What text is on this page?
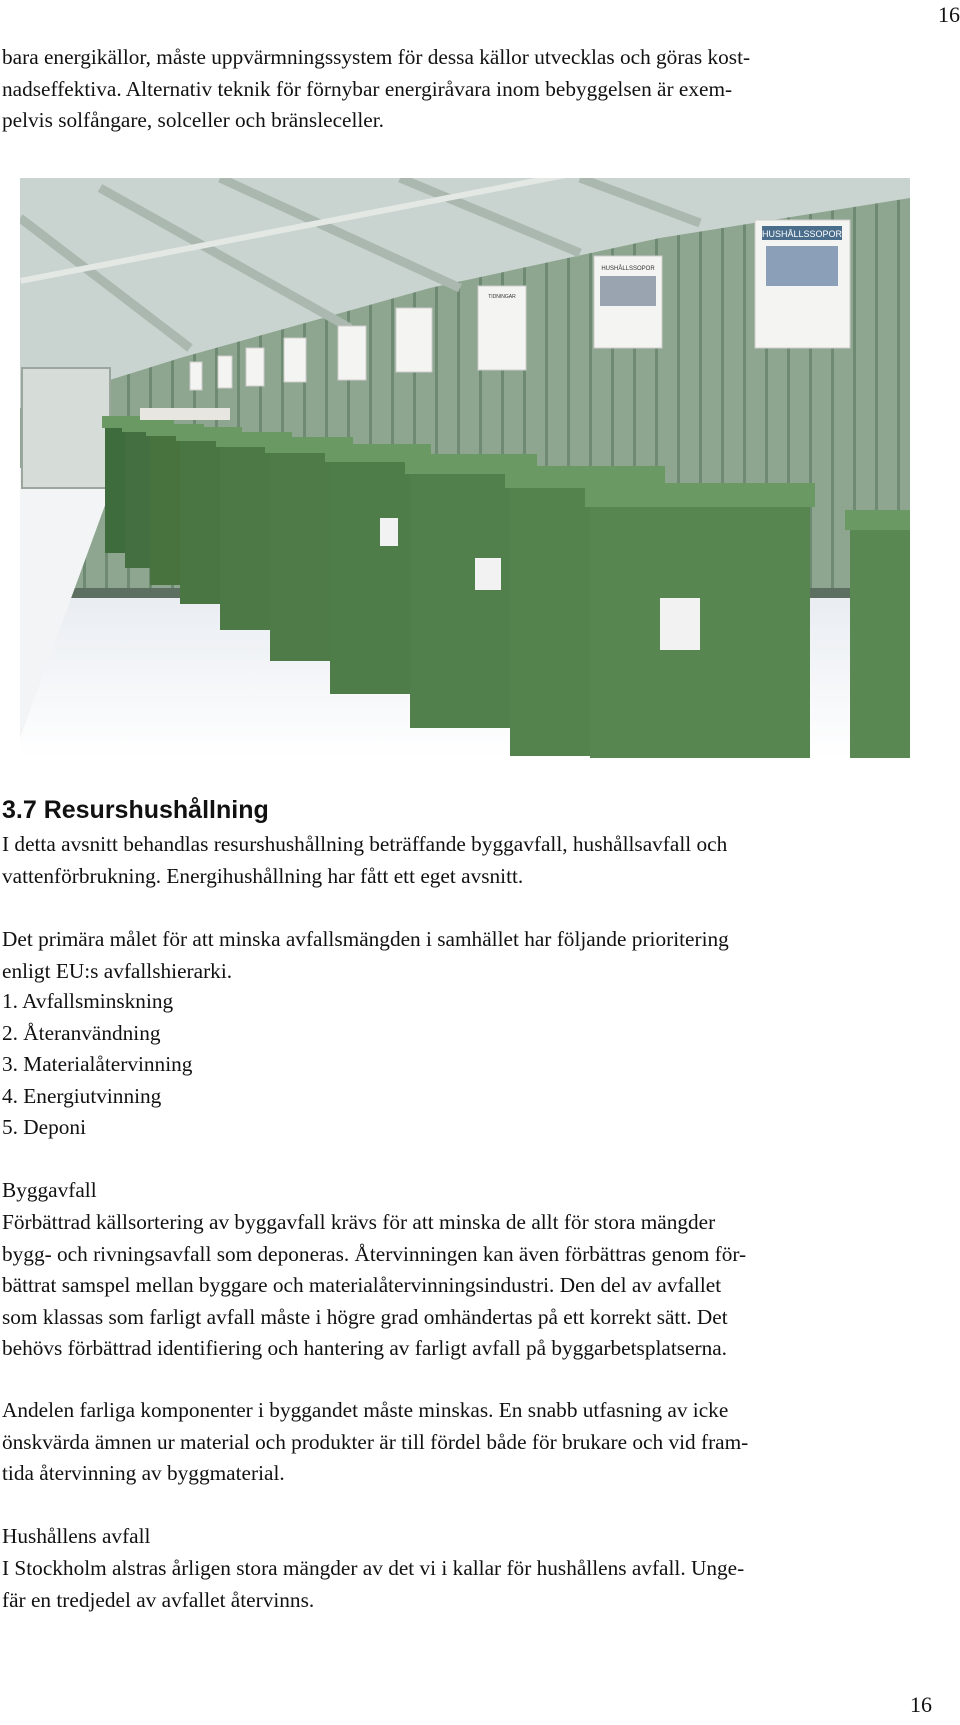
16

bara energikällor, måste uppvärmningssystem för dessa källor utvecklas och göras kost-

nadseffektiva. Alternativ teknik för förnybar energiråvara inom bebyggelsen är exem-

pelvis solfångare, solceller och bränsleceller.

HUSHÅLLSSOPOR
HUSHÅLLSSOPOR
TIDNINGAR
3.7 Resurshushållning

I detta avsnitt behandlas resurshushållning beträffande byggavfall, hushållsavfall och

vattenförbrukning. Energihushållning har fått ett eget avsnitt.

Det primära målet för att minska avfallsmängden i samhället har följande prioritering

enligt EU:s avfallshierarki.

1. Avfallsminskning
2. Återanvändning
3. Materialåtervinning
4. Energiutvinning
5. Deponi
Byggavfall

Förbättrad källsortering av byggavfall krävs för att minska de allt för stora mängder

bygg- och rivningsavfall som deponeras. Återvinningen kan även förbättras genom för-

bättrat samspel mellan byggare och materialåtervinningsindustri. Den del av avfallet

som klassas som farligt avfall måste i högre grad omhändertas på ett korrekt sätt. Det

behövs förbättrad identifiering och hantering av farligt avfall på byggarbetsplatserna.

Andelen farliga komponenter i byggandet måste minskas. En snabb utfasning av icke

önskvärda ämnen ur material och produkter är till fördel både för brukare och vid fram-

tida återvinning av byggmaterial.

Hushållens avfall

I Stockholm alstras årligen stora mängder av det vi i kallar för hushållens avfall. Unge-

fär en tredjedel av avfallet återvinns.

16
